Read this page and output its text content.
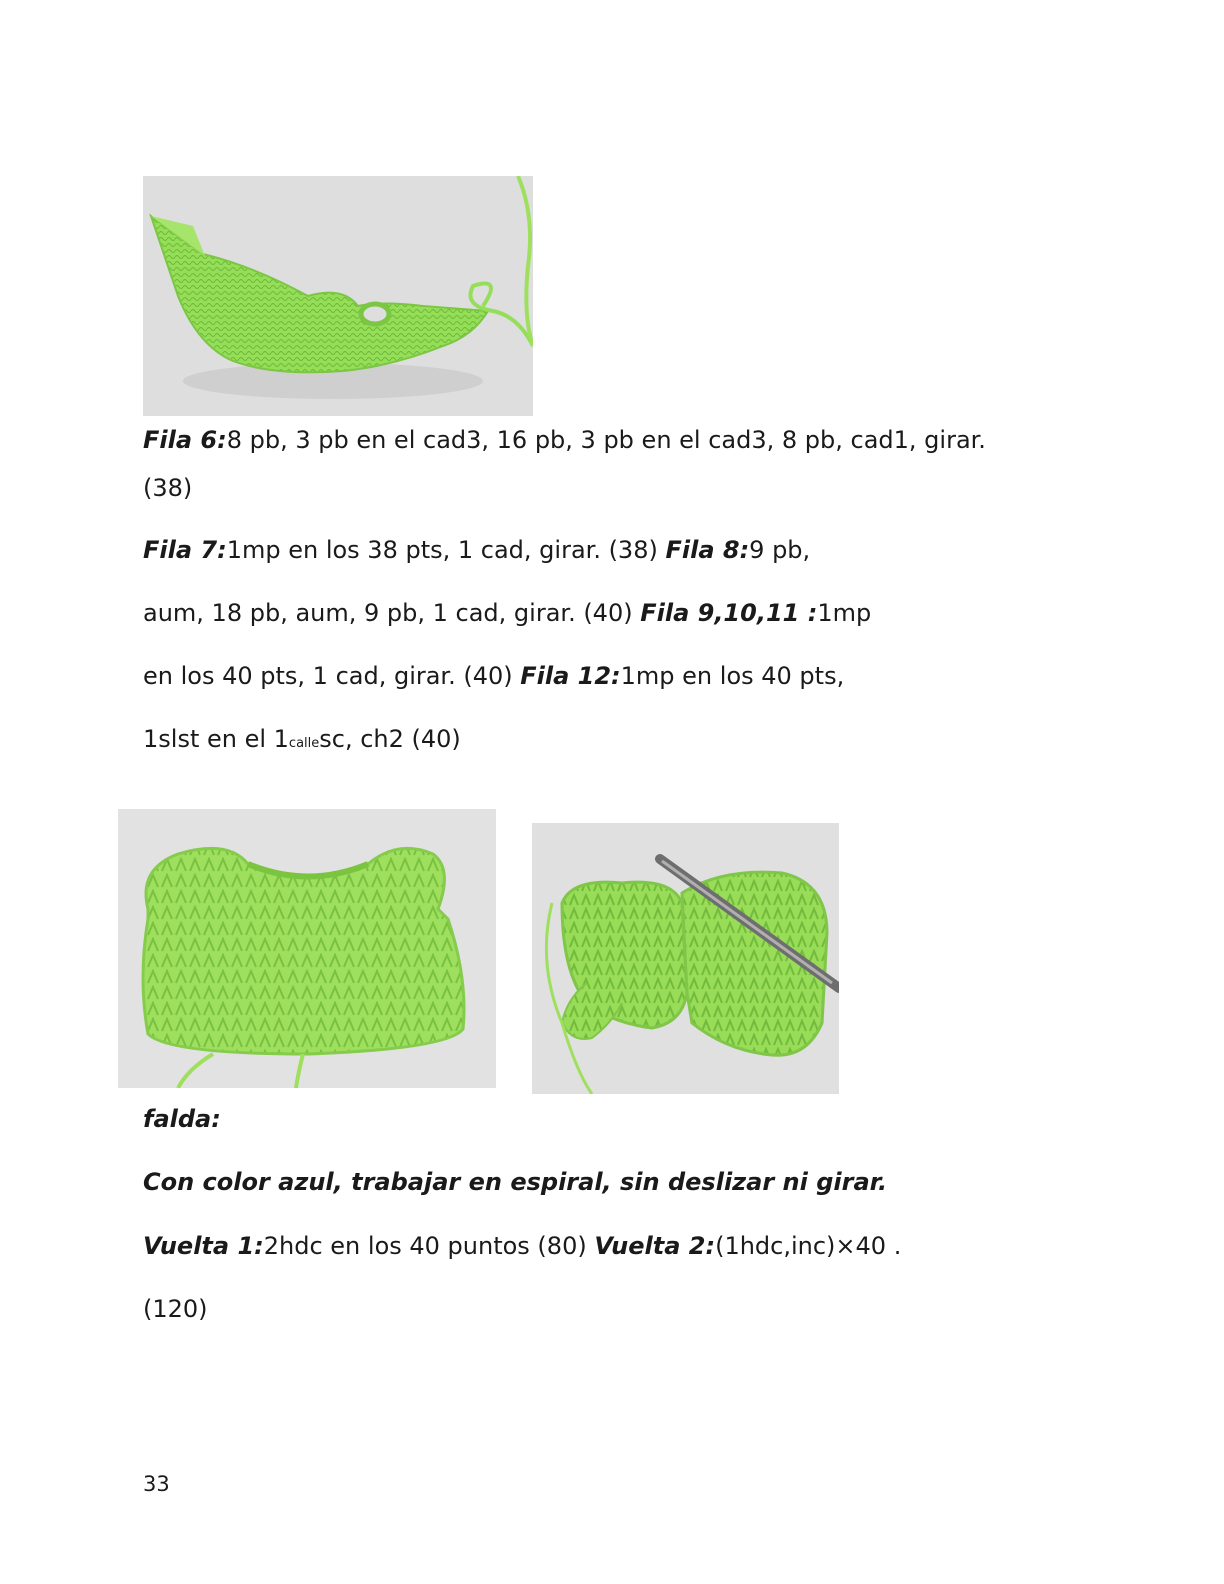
Fila 6:8 pb, 3 pb en el cad3, 16 pb, 3 pb en el cad3, 8 pb, cad1, girar.
(38)
Fila 7:1mp en los 38 pts, 1 cad, girar. (38) Fila 8:9 pb,
aum, 18 pb, aum, 9 pb, 1 cad, girar. (40) Fila 9,10,11 :1mp
en los 40 pts, 1 cad, girar. (40) Fila 12:1mp en los 40 pts,
1slst en el 1callesc, ch2 (40)
falda:
Con color azul, trabajar en espiral, sin deslizar ni girar.
Vuelta 1:2hdc en los 40 puntos (80) Vuelta 2:(1hdc,inc)×40 .
(120)
33
